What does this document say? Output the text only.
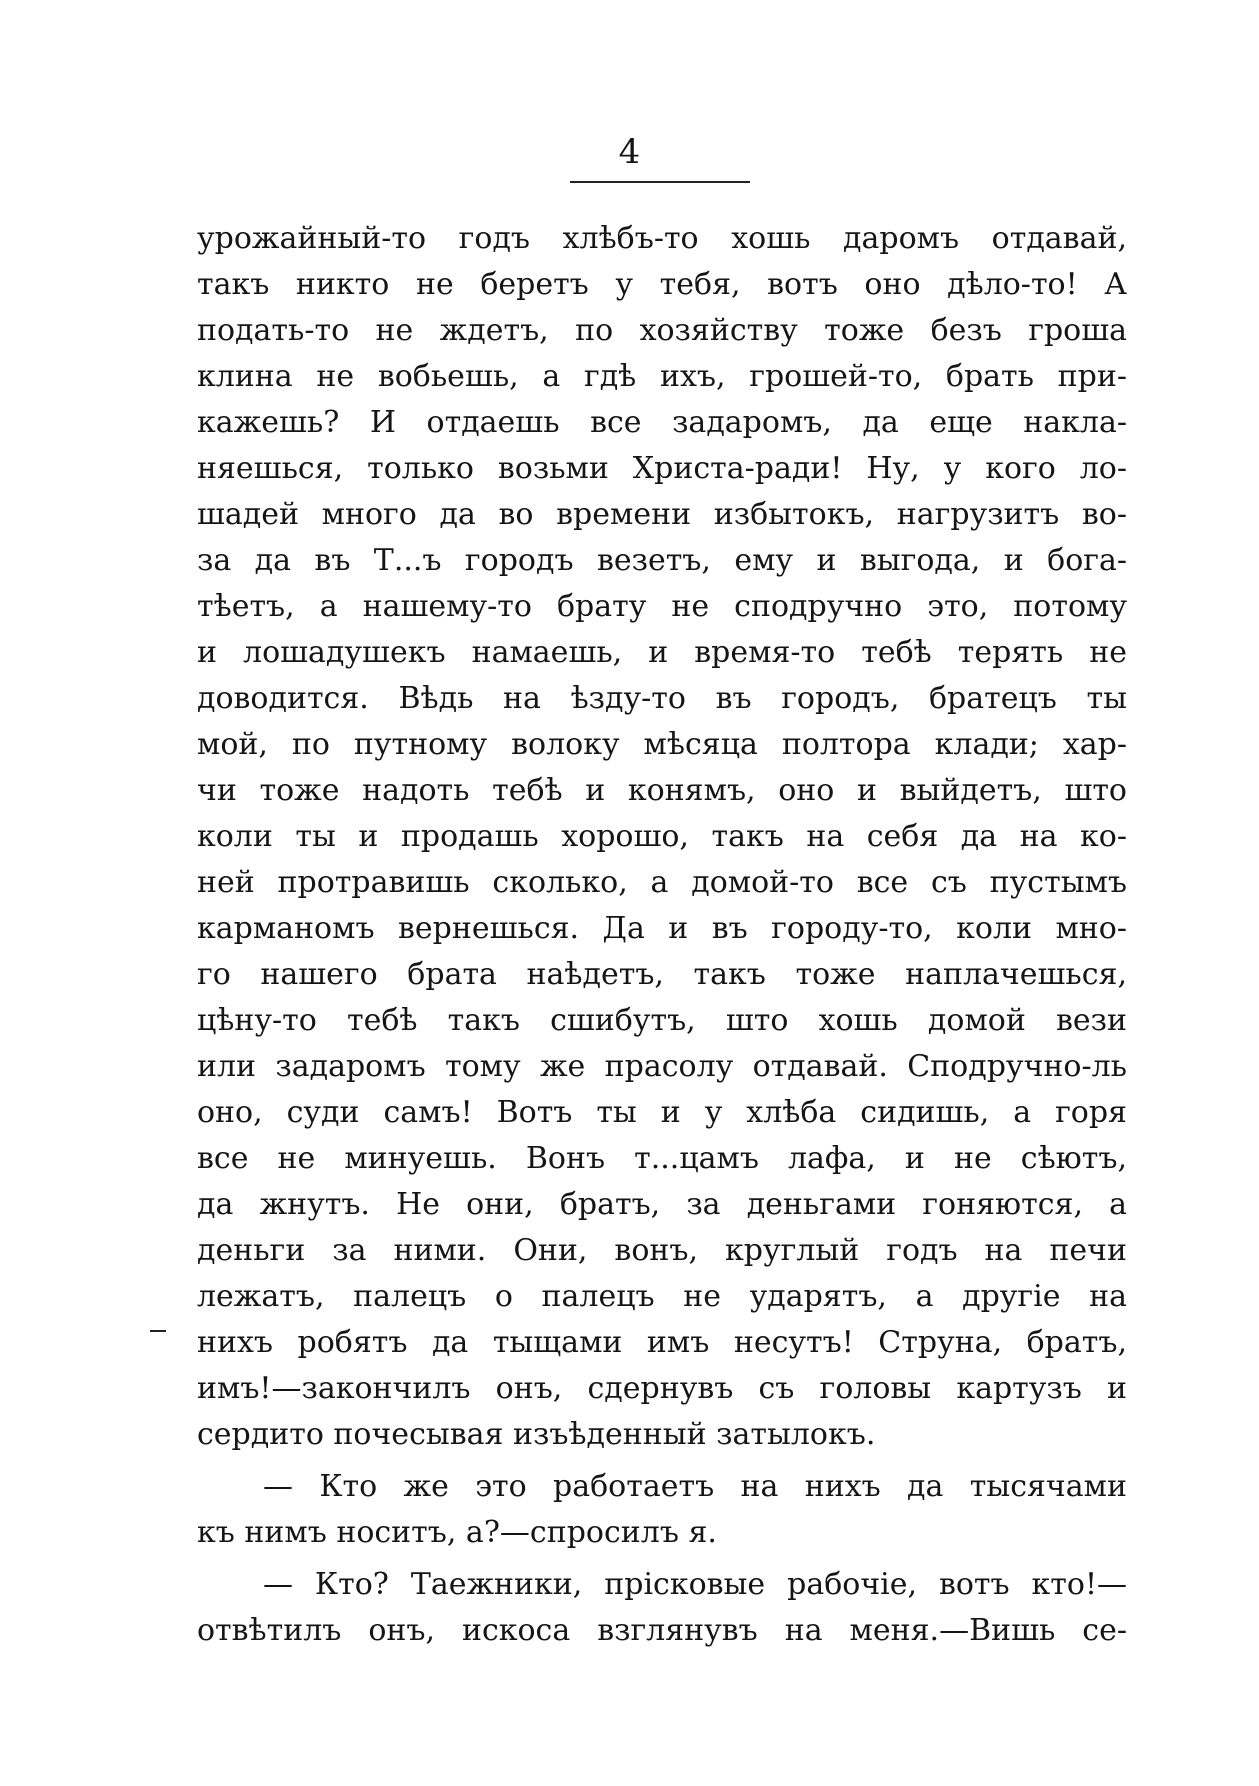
4
урожайный-то годъ хлѣбъ-то хошь даромъ отдавай,
такъ никто не беретъ у тебя, вотъ оно дѣло-то! А
подать-то не ждетъ, по хозяйству тоже безъ гроша
клина не вобьешь, а гдѣ ихъ, грошей-то, брать при-
кажешь? И отдаешь все задаромъ, да еще накла-
няешься, только возьми Христа-ради! Ну, у кого ло-
шадей много да во времени избытокъ, нагрузитъ во-
за да въ Т...ъ городъ везетъ, ему и выгода, и бога-
тѣетъ, а нашему-то брату не сподручно это, потому
и лошадушекъ намаешь, и время-то тебѣ терять не
доводится. Вѣдь на ѣзду-то въ городъ, братецъ ты
мой, по путному волоку мѣсяца полтора клади; хар-
чи тоже надоть тебѣ и конямъ, оно и выйдетъ, што
коли ты и продашь хорошо, такъ на себя да на ко-
ней протравишь сколько, а домой-то все съ пустымъ
карманомъ вернешься. Да и въ городу-то, коли мно-
го нашего брата наѣдетъ, такъ тоже наплачешься,
цѣну-то тебѣ такъ сшибутъ, што хошь домой вези
или задаромъ тому же прасолу отдавай. Сподручно-ль
оно, суди самъ! Вотъ ты и у хлѣба сидишь, а горя
все не минуешь. Вонъ т...цамъ лафа, и не сѣютъ,
да жнутъ. Не они, братъ, за деньгами гоняются, а
деньги за ними. Они, вонъ, круглый годъ на печи
лежатъ, палецъ о палецъ не ударятъ, а другіе на
нихъ робятъ да тыщами имъ несутъ! Струна, братъ,
имъ!—закончилъ онъ, сдернувъ съ головы картузъ и
сердито почесывая изъѣденный затылокъ.
— Кто же это работаетъ на нихъ да тысячами
къ нимъ носитъ, а?—спросилъ я.
— Кто? Таежники, прісковые рабочіе, вотъ кто!—
отвѣтилъ онъ, искоса взглянувъ на меня.—Вишь се-
